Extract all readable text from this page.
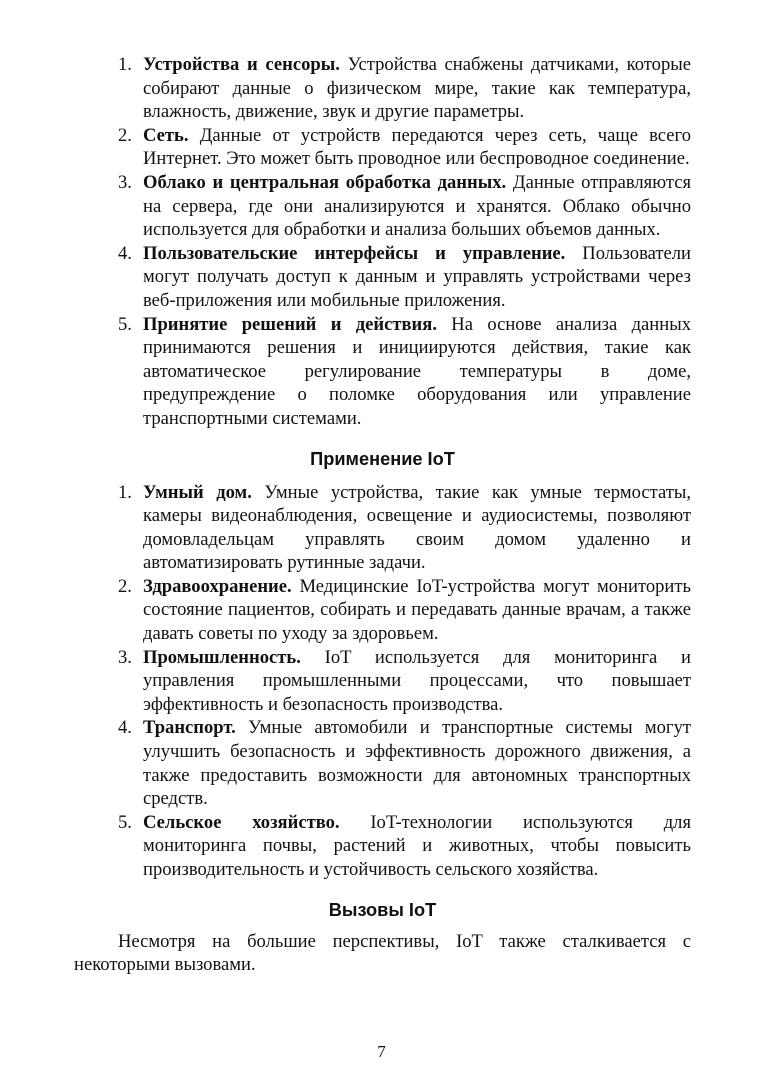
1. Устройства и сенсоры. Устройства снабжены датчиками, которые собирают данные о физическом мире, такие как температура, влажность, движение, звук и другие параметры.
2. Сеть. Данные от устройств передаются через сеть, чаще всего Интернет. Это может быть проводное или беспроводное соединение.
3. Облако и центральная обработка данных. Данные отправляются на сервера, где они анализируются и хранятся. Облако обычно используется для обработки и анализа больших объемов данных.
4. Пользовательские интерфейсы и управление. Пользователи могут получать доступ к данным и управлять устройствами через веб-приложения или мобильные приложения.
5. Принятие решений и действия. На основе анализа данных принимаются решения и инициируются действия, такие как автоматическое регулирование температуры в доме, предупреждение о поломке оборудования или управление транспортными системами.
Применение IoT
1. Умный дом. Умные устройства, такие как умные термостаты, камеры видеонаблюдения, освещение и аудиосистемы, позволяют домовладельцам управлять своим домом удаленно и автоматизировать рутинные задачи.
2. Здравоохранение. Медицинские IoT-устройства могут мониторить состояние пациентов, собирать и передавать данные врачам, а также давать советы по уходу за здоровьем.
3. Промышленность. IoT используется для мониторинга и управления промышленными процессами, что повышает эффективность и безопасность производства.
4. Транспорт. Умные автомобили и транспортные системы могут улучшить безопасность и эффективность дорожного движения, а также предоставить возможности для автономных транспортных средств.
5. Сельское хозяйство. IoT-технологии используются для мониторинга почвы, растений и животных, чтобы повысить производительность и устойчивость сельского хозяйства.
Вызовы IoT

Несмотря на большие перспективы, IoT также сталкивается с некоторыми вызовами.

7
